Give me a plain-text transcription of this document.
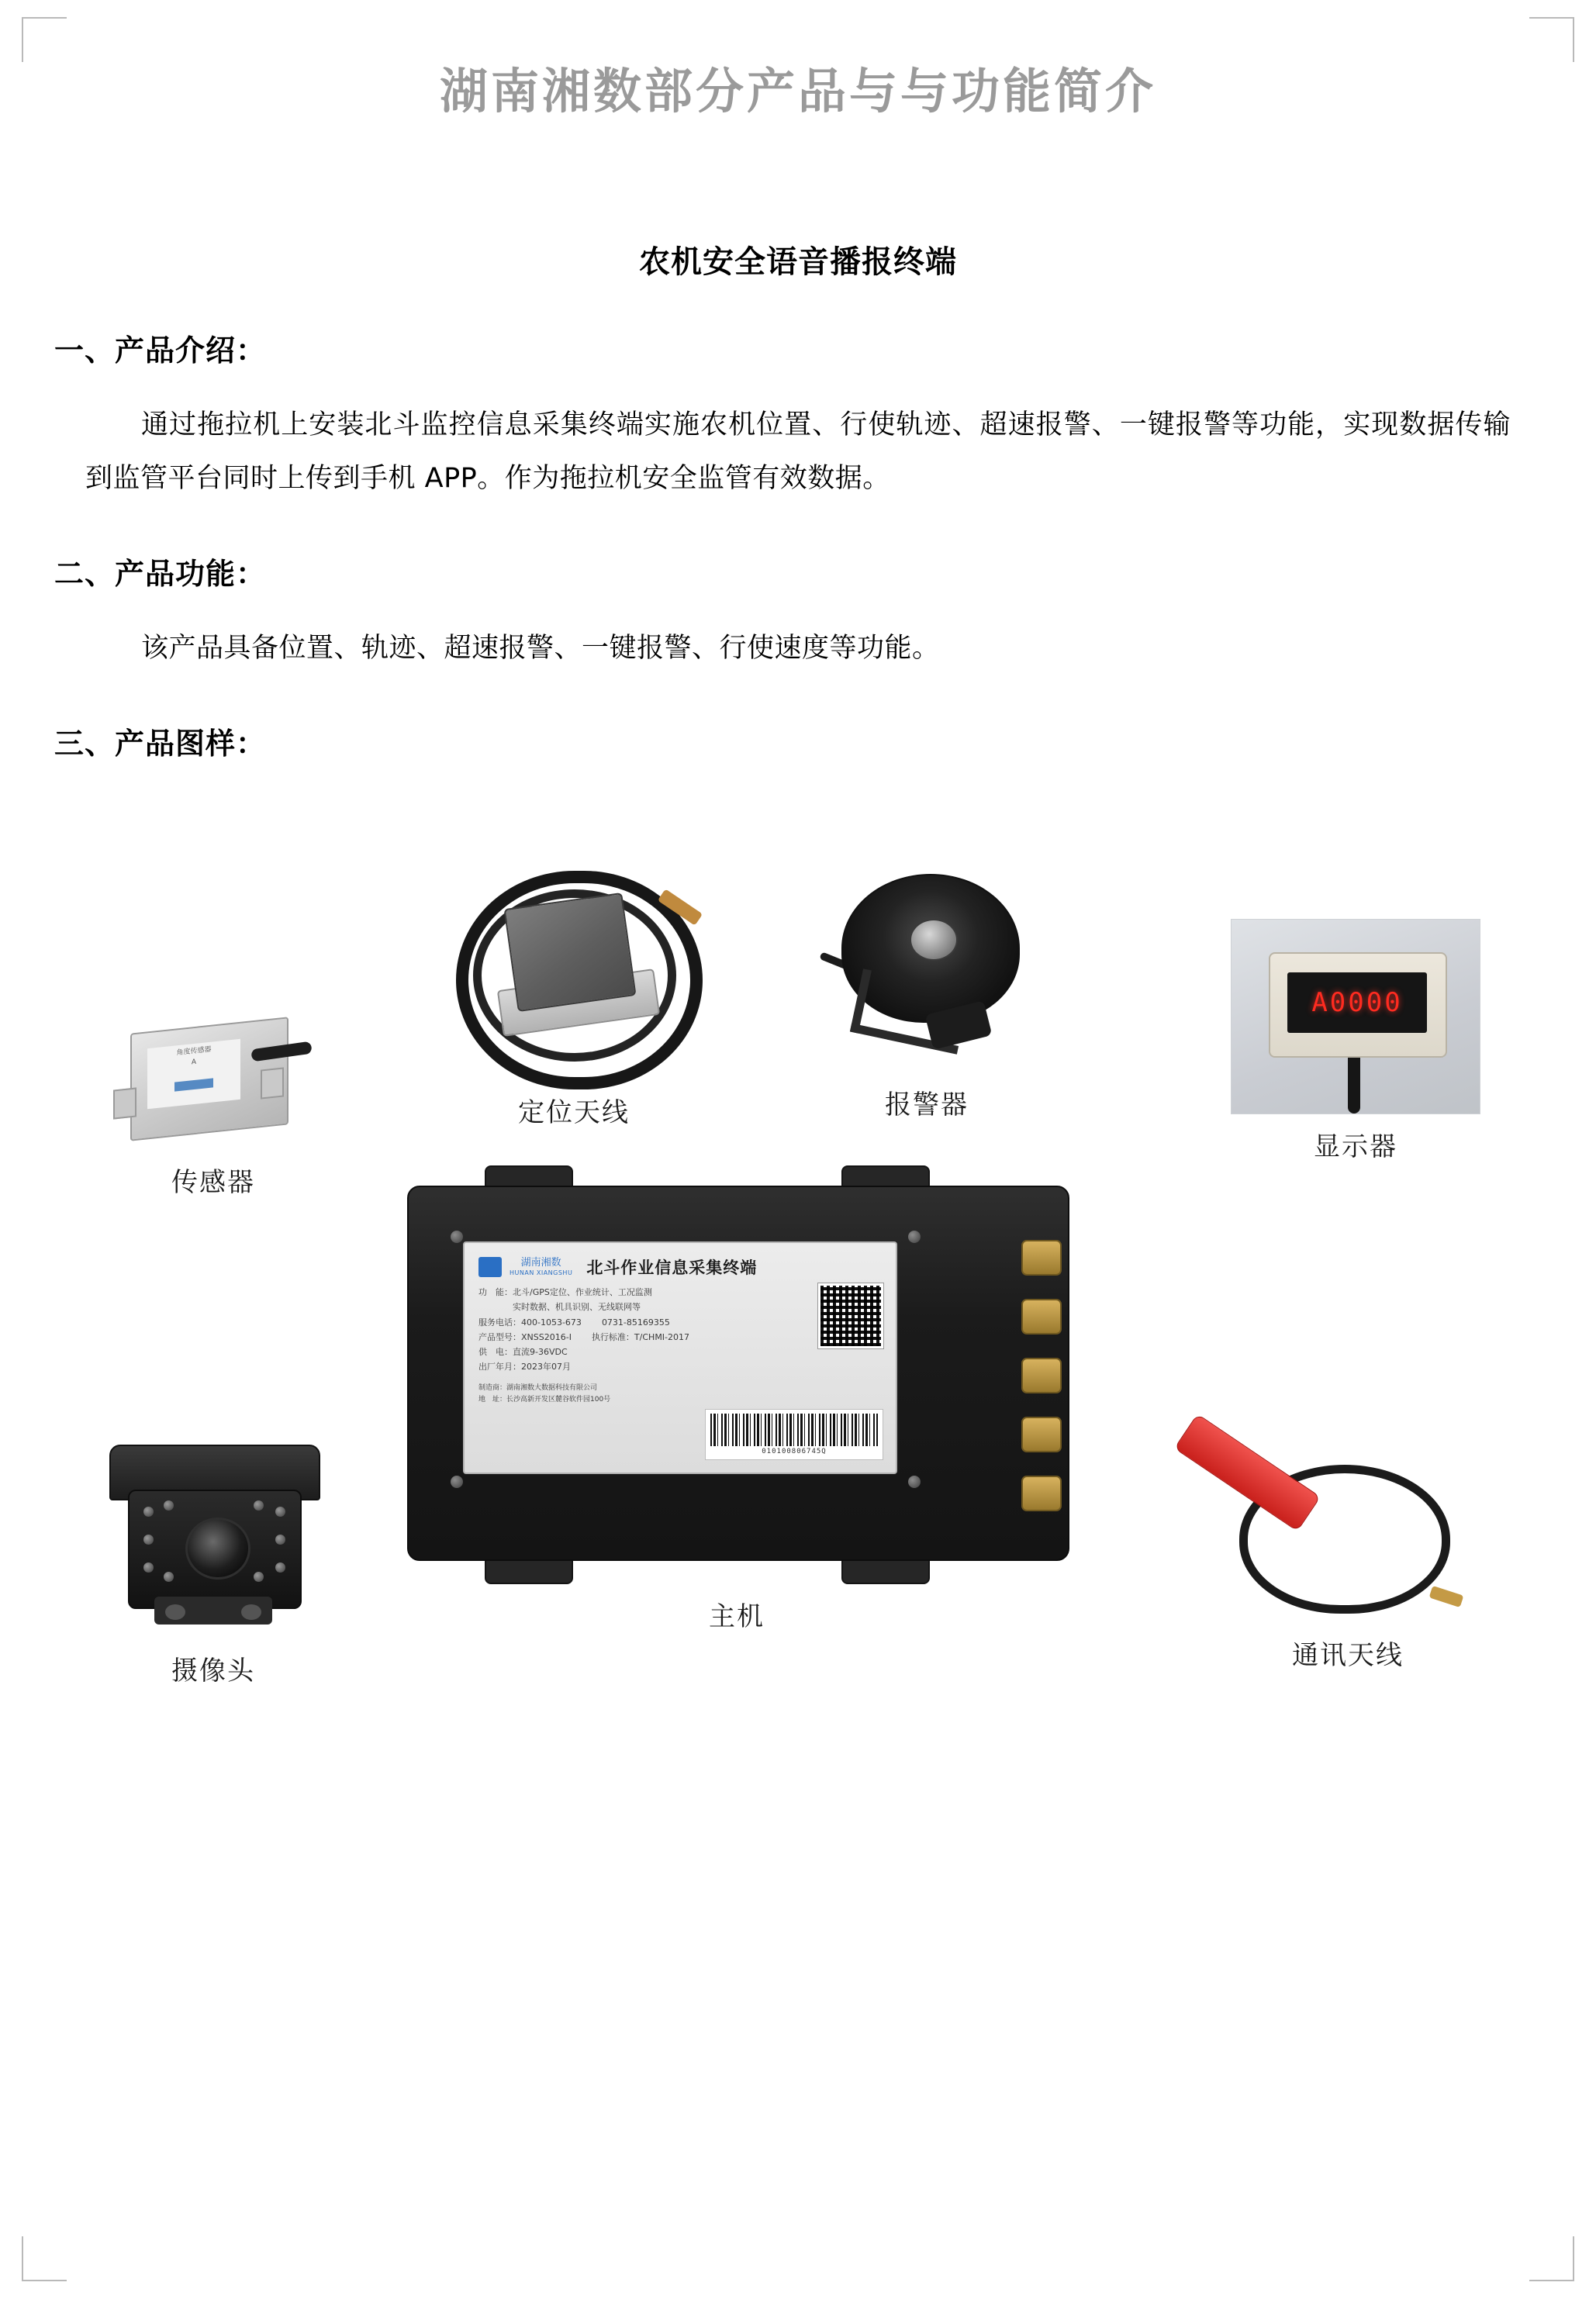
湖南湘数部分产品与与功能简介
农机安全语音播报终端
一、产品介绍：

通过拖拉机上安装北斗监控信息采集终端实施农机位置、行使轨迹、超速报警、一键报警等功能，实现数据传输到监管平台同时上传到手机 APP。作为拖拉机安全监管有效数据。

二、产品功能：

该产品具备位置、轨迹、超速报警、一键报警、行使速度等功能。

三、产品图样：
角度传感器
A
传感器
定位天线	报警器
A0000
显示器
摄像头
湖南湘数
HUNAN XIANGSHU 北斗作业信息采集终端
功　能：北斗/GPS定位、作业统计、工况监测
　　　　实时数据、机具识别、无线联网等
服务电话：400-1053-673 0731-85169355
产品型号：XNSS2016-Ⅰ 执行标准：T/CHMI-2017
供　电：直流9-36VDC
出厂年月：2023年07月
制造商：湖南湘数大数据科技有限公司
地　址：长沙高新开发区麓谷软件园100号
010100806745Q
主机
通讯天线
